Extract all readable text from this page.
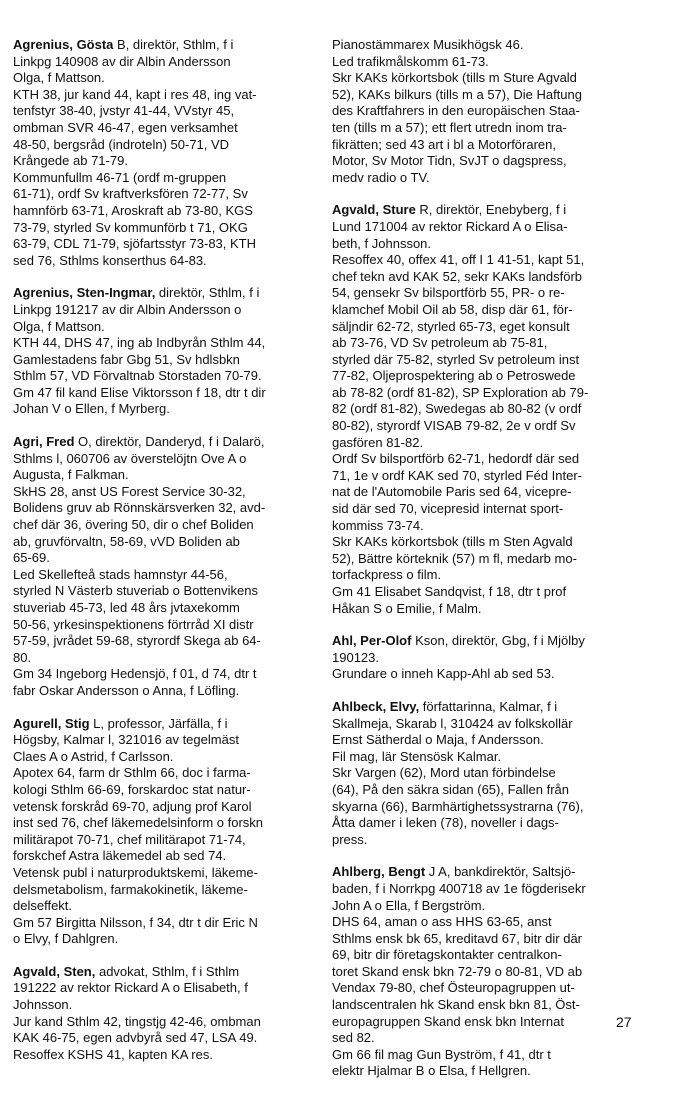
Agrenius, Gösta B, direktör, Sthlm, f i
Linkpg 140908 av dir Albin Andersson
Olga, f Mattson.
KTH 38, jur kand 44, kapt i res 48, ing vat-
tenfstyr 38-40, jvstyr 41-44, VVstyr 45,
ombman SVR 46-47, egen verksamhet
48-50, bergsråd (indroteln) 50-71, VD
Krångede ab 71-79.
Kommunfullm 46-71 (ordf m-gruppen
61-71), ordf Sv kraftverksfören 72-77, Sv
hamnförb 63-71, Aroskraft ab 73-80, KGS
73-79, styrled Sv kommunförb t 71, OKG
63-79, CDL 71-79, sjöfartsstyr 73-83, KTH
sed 76, Sthlms konserthus 64-83.
Agrenius, Sten-Ingmar, direktör, Sthlm, f i
Linkpg 191217 av dir Albin Andersson o
Olga, f Mattson.
KTH 44, DHS 47, ing ab Indbyrån Sthlm 44,
Gamlestadens fabr Gbg 51, Sv hdlsbkn
Sthlm 57, VD Förvaltnab Storstaden 70-79.
Gm 47 fil kand Elise Viktorsson f 18, dtr t dir
Johan V o Ellen, f Myrberg.
Agri, Fred O, direktör, Danderyd, f i Dalarö,
Sthlms l, 060706 av överstelöjtn Ove A o
Augusta, f Falkman.
SkHS 28, anst US Forest Service 30-32,
Bolidens gruv ab Rönnskärsverken 32, avd-
chef där 36, övering 50, dir o chef Boliden
ab, gruvförvaltn, 58-69, vVD Boliden ab
65-69.
Led Skellefteå stads hamnstyr 44-56,
styrled N Västerb stuveriab o Bottenvikens
stuveriab 45-73, led 48 års jvtaxekomm
50-56, yrkesinspektionens förtrråd XI distr
57-59, jvrådet 59-68, styrordf Skega ab 64-
80.
Gm 34 Ingeborg Hedensjö, f 01, d 74, dtr t
fabr Oskar Andersson o Anna, f Löfling.
Agurell, Stig L, professor, Järfälla, f i
Högsby, Kalmar l, 321016 av tegelmäst
Claes A o Astrid, f Carlsson.
Apotex 64, farm dr Sthlm 66, doc i farma-
kologi Sthlm 66-69, forskardoc stat natur-
vetensk forskråd 69-70, adjung prof Karol
inst sed 76, chef läkemedelsinform o forskn
militärapot 70-71, chef militärapot 71-74,
forskchef Astra läkemedel ab sed 74.
Vetensk publ i naturproduktskemi, läkeme-
delsmetabolism, farmakokinetik, läkeme-
delseffekt.
Gm 57 Birgitta Nilsson, f 34, dtr t dir Eric N
o Elvy, f Dahlgren.
Agvald, Sten, advokat, Sthlm, f i Sthlm
191222 av rektor Rickard A o Elisabeth, f
Johnsson.
Jur kand Sthlm 42, tingstjg 42-46, ombman
KAK 46-75, egen advbyrå sed 47, LSA 49.
Resoffex KSHS 41, kapten KA res.
Pianostämmarex Musikhögsk 46.
Led trafikmålskomm 61-73.
Skr KAKs körkortsbok (tills m Sture Agvald
52), KAKs bilkurs (tills m a 57), Die Haftung
des Kraftfahrers in den europäischen Staa-
ten (tills m a 57); ett flert utredn inom tra-
fikrätten; sed 43 art i bl a Motorföraren,
Motor, Sv Motor Tidn, SvJT o dagspress,
medv radio o TV.
Agvald, Sture R, direktör, Enebyberg, f i
Lund 171004 av rektor Rickard A o Elisa-
beth, f Johnsson.
Resoffex 40, offex 41, off I 1 41-51, kapt 51,
chef tekn avd KAK 52, sekr KAKs landsförb
54, gensekr Sv bilsportförb 55, PR- o re-
klamchef Mobil Oil ab 58, disp där 61, för-
säljndir 62-72, styrled 65-73, eget konsult
ab 73-76, VD Sv petroleum ab 75-81,
styrled där 75-82, styrled Sv petroleum inst
77-82, Oljeprospektering ab o Petroswede
ab 78-82 (ordf 81-82), SP Exploration ab 79-
82 (ordf 81-82), Swedegas ab 80-82 (v ordf
80-82), styrordf VISAB 79-82, 2e v ordf Sv
gasfören 81-82.
Ordf Sv bilsportförb 62-71, hedordf där sed
71, 1e v ordf KAK sed 70, styrled Féd Inter-
nat de l'Automobile Paris sed 64, vicepre-
sid där sed 70, vicepresid internat sport-
kommiss 73-74.
Skr KAKs körkortsbok (tills m Sten Agvald
52), Bättre körteknik (57) m fl, medarb mo-
torfackpress o film.
Gm 41 Elisabet Sandqvist, f 18, dtr t prof
Håkan S o Emilie, f Malm.
Ahl, Per-Olof Kson, direktör, Gbg, f i Mjölby
190123.
Grundare o inneh Kapp-Ahl ab sed 53.
Ahlbeck, Elvy, författarinna, Kalmar, f i
Skallmeja, Skarab l, 310424 av folkskollär
Ernst Sätherdal o Maja, f Andersson.
Fil mag, lär Stensösk Kalmar.
Skr Vargen (62), Mord utan förbindelse
(64), På den säkra sidan (65), Fallen från
skyarna (66), Barmhärtighetssystrarna (76),
Åtta damer i leken (78), noveller i dags-
press.
Ahlberg, Bengt J A, bankdirektör, Saltsjö-
baden, f i Norrkpg 400718 av 1e fögderisekr
John A o Ella, f Bergström.
DHS 64, aman o ass HHS 63-65, anst
Sthlms ensk bk 65, kreditavd 67, bitr dir där
69, bitr dir företagskontakter centralkon-
toret Skand ensk bkn 72-79 o 80-81, VD ab
Vendax 79-80, chef Östeuropagruppen ut-
landscentralen hk Skand ensk bkn 81, Öst-
europagruppen Skand ensk bkn Internat
sed 82.
Gm 66 fil mag Gun Byström, f 41, dtr t
elektr Hjalmar B o Elsa, f Hellgren.
27
